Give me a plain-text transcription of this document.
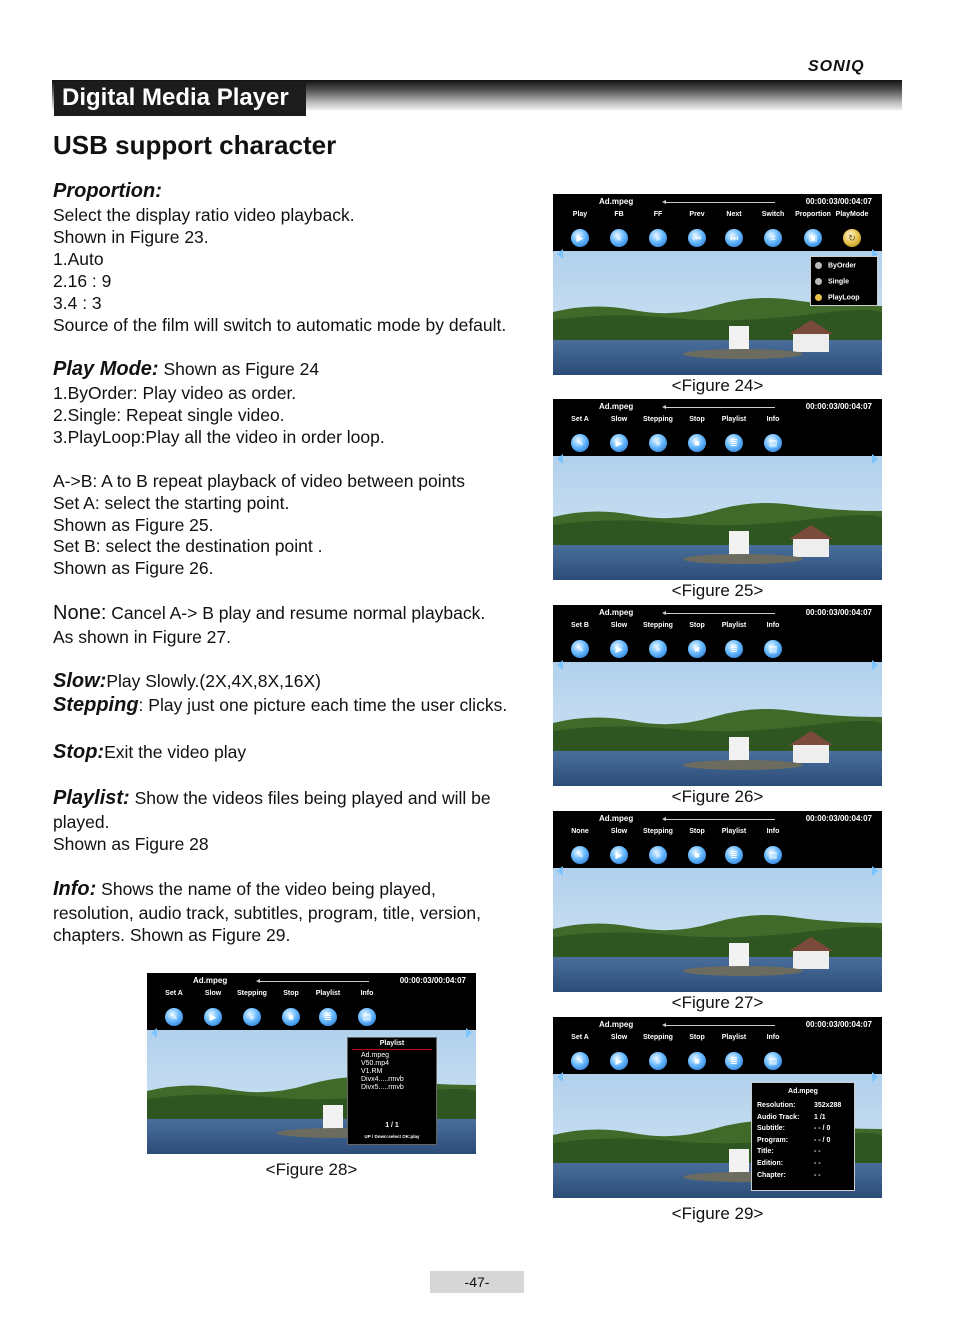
SONIQ
Digital Media Player
USB support character
Proportion:
Select the display ratio video playback.
Shown in Figure 23.
1.Auto
2.16 : 9
3.4 : 3
Source of the film will switch to automatic mode by default.
Play Mode: Shown as Figure 24
1.ByOrder: Play video as order.
2.Single: Repeat single video.
3.PlayLoop:Play all the video in order loop.
A->B: A to B repeat playback of video between points
Set A: select the starting point.
Shown as Figure 25.
Set B: select the destination point .
Shown as Figure 26.
None: Cancel A-> B play and resume normal playback.
As shown in Figure 27.
Slow:Play Slowly.(2X,4X,8X,16X)
Stepping: Play just one picture each time the user clicks.
Stop:Exit the video play
Playlist: Show the videos files being played and will be
played.
Shown as Figure 28
Info: Shows the name of the video being played,
resolution, audio track, subtitles, program, title, version,
chapters. Shown as Figure 29.
Ad.mpeg	00:00:03/00:04:07
Play
▶
FB
«
FF
»
Prev
⏮
Next
⏭
Switch
≡
Proportion
▣
PlayMode
↻
ByOrder
Single
PlayLoop
<Figure 24>
Ad.mpeg	00:00:03/00:04:07
Set A
✎
Slow
▶
Stepping
»
Stop
■
Playlist
≣
Info
▤
<Figure 25>
Ad.mpeg	00:00:03/00:04:07
Set B
✎
Slow
▶
Stepping
»
Stop
■
Playlist
≣
Info
▤
<Figure 26>
Ad.mpeg	00:00:03/00:04:07
None
✎
Slow
▶
Stepping
»
Stop
■
Playlist
≣
Info
▤
<Figure 27>
Ad.mpeg	00:00:03/00:04:07
Set A
✎
Slow
▶
Stepping
»
Stop
■
Playlist
≣
Info
▤
Ad.mpeg
Resolution:	352x288
Audio Track: 1 /1
Subtitle:	- - / 0
Program:	- - / 0
Title:	- -
Edition:	- -
Chapter:	- -
<Figure 29>
Ad.mpeg	00:00:03/00:04:07
Set A
✎
Slow
▶
Stepping
»
Stop
■
Playlist
≣
Info
▤
Playlist
Ad.mpeg
V50.mp4
V1.RM
Divx4.....rmvb
Divx5.....rmvb
1 / 1
UP / Down:select OK:play
<Figure 28>
-47-
